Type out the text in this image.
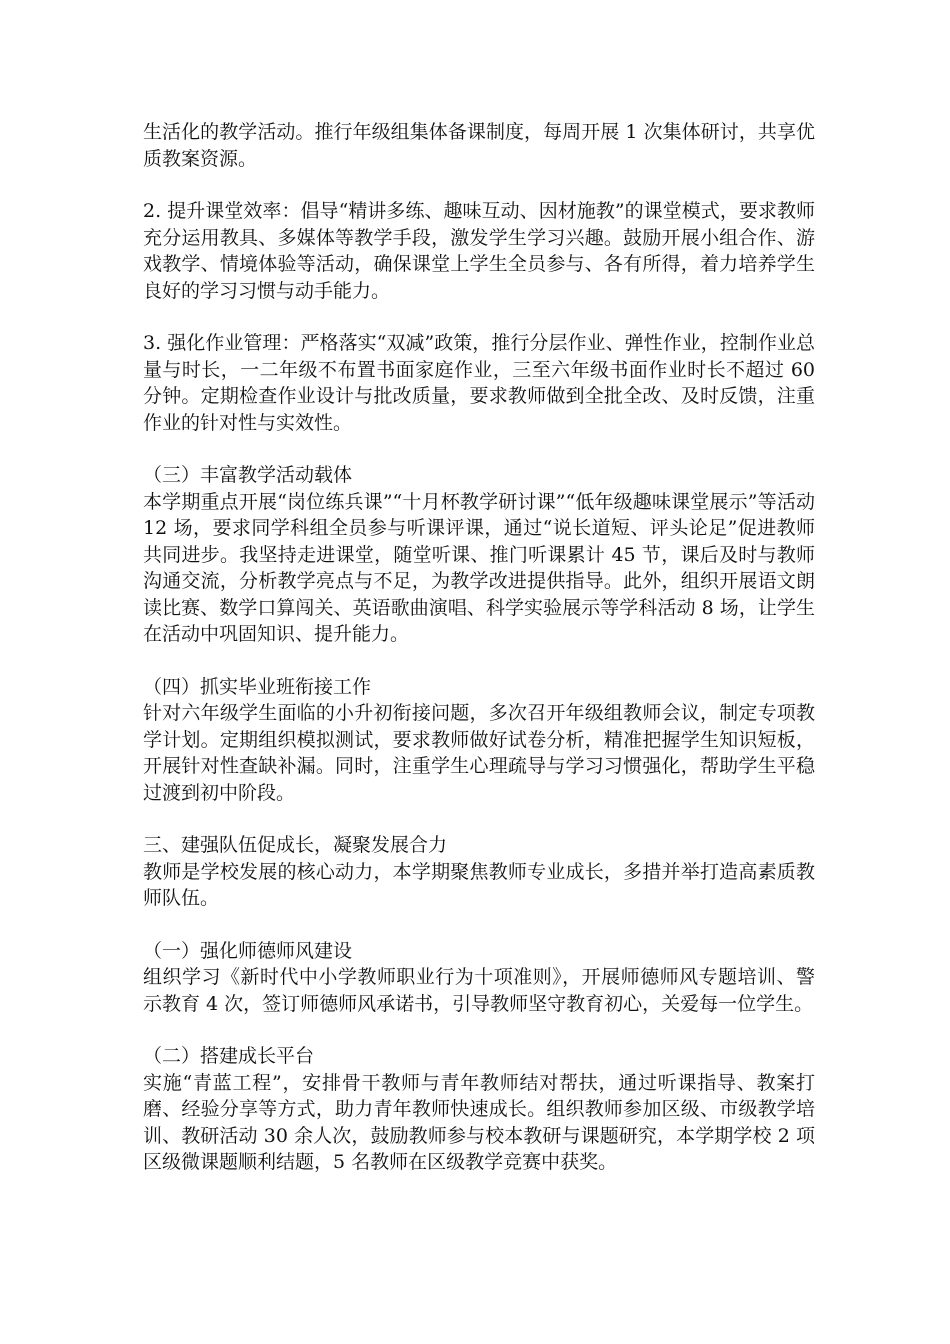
生活化的教学活动。推行年级组集体备课制度，每周开展 1 次集体研讨，共享优质教案资源。

2. 提升课堂效率：倡导“精讲多练、趣味互动、因材施教”的课堂模式，要求教师充分运用教具、多媒体等教学手段，激发学生学习兴趣。鼓励开展小组合作、游戏教学、情境体验等活动，确保课堂上学生全员参与、各有所得，着力培养学生良好的学习习惯与动手能力。

3. 强化作业管理：严格落实“双减”政策，推行分层作业、弹性作业，控制作业总量与时长，一二年级不布置书面家庭作业，三至六年级书面作业时长不超过 60 分钟。定期检查作业设计与批改质量，要求教师做到全批全改、及时反馈，注重作业的针对性与实效性。

（三）丰富教学活动载体

本学期重点开展“岗位练兵课”“十月杯教学研讨课”“低年级趣味课堂展示”等活动 12 场，要求同学科组全员参与听课评课，通过“说长道短、评头论足”促进教师共同进步。我坚持走进课堂，随堂听课、推门听课累计 45 节，课后及时与教师沟通交流，分析教学亮点与不足，为教学改进提供指导。此外，组织开展语文朗读比赛、数学口算闯关、英语歌曲演唱、科学实验展示等学科活动 8 场，让学生在活动中巩固知识、提升能力。

（四）抓实毕业班衔接工作

针对六年级学生面临的小升初衔接问题，多次召开年级组教师会议，制定专项教学计划。定期组织模拟测试，要求教师做好试卷分析，精准把握学生知识短板，开展针对性查缺补漏。同时，注重学生心理疏导与学习习惯强化，帮助学生平稳过渡到初中阶段。

三、建强队伍促成长，凝聚发展合力

教师是学校发展的核心动力，本学期聚焦教师专业成长，多措并举打造高素质教师队伍。

（一）强化师德师风建设

组织学习《新时代中小学教师职业行为十项准则》，开展师德师风专题培训、警示教育 4 次，签订师德师风承诺书，引导教师坚守教育初心，关爱每一位学生。

（二）搭建成长平台

实施“青蓝工程”，安排骨干教师与青年教师结对帮扶，通过听课指导、教案打磨、经验分享等方式，助力青年教师快速成长。组织教师参加区级、市级教学培训、教研活动 30 余人次，鼓励教师参与校本教研与课题研究，本学期学校 2 项区级微课题顺利结题，5 名教师在区级教学竞赛中获奖。
